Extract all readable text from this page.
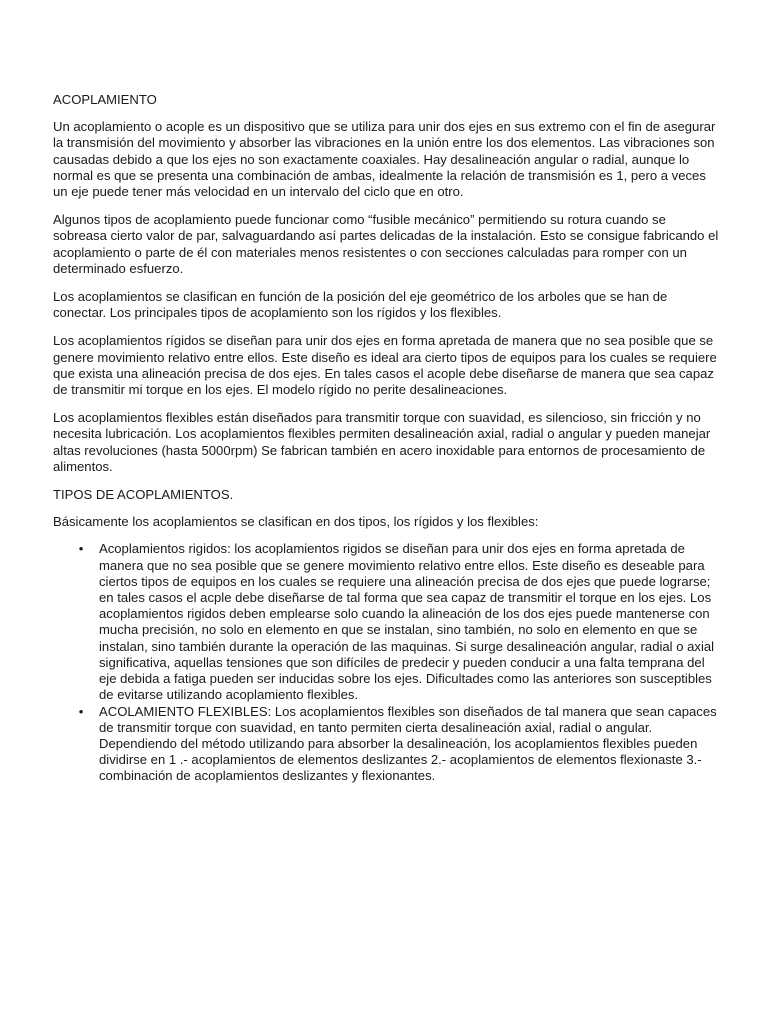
ACOPLAMIENTO

Un acoplamiento o acople es un dispositivo que se utiliza para unir dos ejes en sus extremo con el fin de asegurar la transmisión del movimiento y absorber las vibraciones en la unión entre los dos elementos. Las vibraciones son causadas debido a que los ejes no son exactamente coaxiales. Hay desalineación angular o radial, aunque lo normal es que se presenta una combinación de ambas, idealmente la relación de transmisión es 1, pero a veces un eje puede tener más velocidad en un intervalo del ciclo que en otro.

Algunos tipos de acoplamiento puede funcionar como “fusible mecánico” permitiendo su rotura cuando se sobreasa cierto valor de par, salvaguardando así partes delicadas de la instalación. Esto se consigue fabricando el acoplamiento o parte de él con materiales menos resistentes o con secciones calculadas para romper con un determinado esfuerzo.

Los acoplamientos se clasifican en función de la posición del eje geométrico de los arboles que se han de conectar. Los principales tipos de acoplamiento son los rígidos y los flexibles.

Los acoplamientos rígidos se diseñan para unir dos ejes en forma apretada de manera que no sea posible que se genere movimiento relativo entre ellos. Este diseño es ideal ara cierto tipos de equipos para los cuales se requiere que exista una alineación precisa de dos ejes. En tales casos el acople debe diseñarse de manera que sea capaz de transmitir mi torque en los ejes. El modelo rígido no perite desalineaciones.

Los acoplamientos flexibles están diseñados para transmitir torque con suavidad, es silencioso, sin fricción y no necesita lubricación. Los acoplamientos flexibles permiten desalineación axial, radial o angular y pueden manejar altas revoluciones (hasta 5000rpm) Se fabrican también en acero inoxidable para entornos de procesamiento de alimentos.

TIPOS DE ACOPLAMIENTOS.

Básicamente los acoplamientos se clasifican en dos tipos, los rígidos y los flexibles:

• Acoplamientos rigidos: los acoplamientos rigidos se diseñan para unir dos ejes en forma apretada de manera que no sea posible que se genere movimiento relativo entre ellos. Este diseño es deseable para ciertos tipos de equipos en los cuales se requiere una alineación precisa de dos ejes que puede lograrse; en tales casos el acple debe diseñarse de tal forma que sea capaz de transmitir el torque en los ejes. Los acoplamientos rigidos deben emplearse solo cuando la alineación de los dos ejes puede mantenerse con mucha precisión, no solo en elemento en que se instalan, sino también, no solo en elemento en que se instalan, sino también durante la operación de las maquinas. Si surge desalineación angular, radial o axial significativa, aquellas tensiones que son difíciles de predecir y pueden conducir a una falta temprana del eje debida a fatiga pueden ser inducidas sobre los ejes. Dificultades como las anteriores son susceptibles de evitarse utilizando acoplamiento flexibles.
• ACOLAMIENTO FLEXIBLES: Los acoplamientos flexibles son diseñados de tal manera que sean capaces de transmitir torque con suavidad, en tanto permiten cierta desalineación axial, radial o angular. Dependiendo del método utilizando para absorber la desalineación, los acoplamientos flexibles pueden dividirse en 1 .- acoplamientos de elementos deslizantes 2.- acoplamientos de elementos flexionaste 3.- combinación de acoplamientos deslizantes y flexionantes.
